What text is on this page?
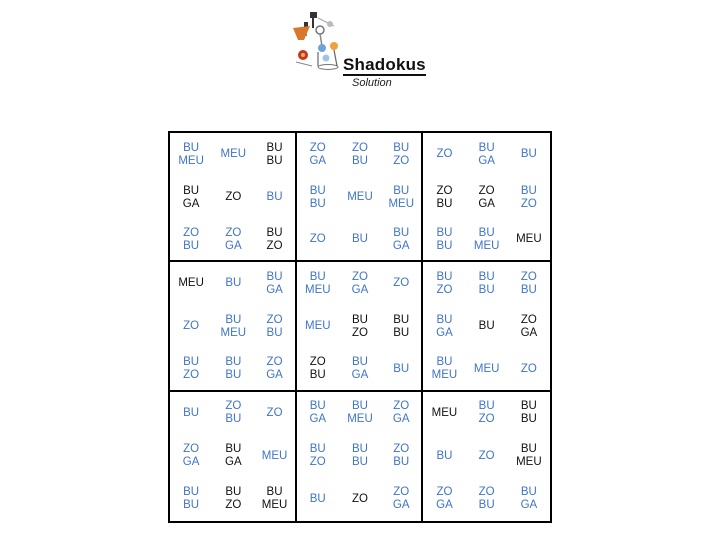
Shadokus
Solution
BU
MEU
MEU
BU
BU
ZO
GA
ZO
BU
BU
ZO
ZO
BU
GA
BU
BU
GA
ZO BU
BU
BU
MEU
BU
MEU
ZO
BU
ZO
GA
BU
ZO
ZO
BU
ZO
GA
BU
ZO
ZO BU
BU
GA
BU
BU
BU
MEU
MEU
MEU BU
BU
GA
BU
MEU
ZO
GA
ZO
BU
ZO
BU
BU
ZO
BU
ZO
BU
MEU
ZO
BU
MEU
BU
ZO
BU
BU
BU
GA
BU
ZO
GA
BU
ZO
BU
BU
ZO
GA
ZO
BU
BU
GA
BU
BU
MEU
MEU ZO
BU
ZO
BU
ZO
BU
GA
BU
MEU
ZO
GA
MEU
BU
ZO
BU
BU
ZO
GA
BU
GA
MEU
BU
ZO
BU
BU
ZO
BU
BU ZO
BU
MEU
BU
BU
BU
ZO
BU
MEU
BU ZO
ZO
GA
ZO
GA
ZO
BU
BU
GA
